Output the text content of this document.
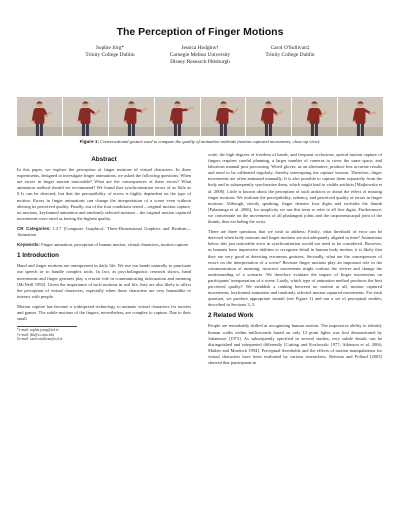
The Perception of Finger Motions
Sophie Jörg*
Trinity College Dublin
Jessica Hodgins†
Carnegie Mellon University
Disney Research Pittsburgh
Carol O'Sullivan‡
Trinity College Dublin
Figure 1: Conversational gesture used to compare the quality of animation methods (motion captured movements, close-up view).
Abstract

In this paper, we explore the perception of finger motions of virtual characters. In three experiments, designed to investigate finger animations, we asked the following questions: When are errors in finger motion noticeable? What are the consequences of these errors? What animation method should we recommend? We found that synchronization errors of as little as 0.1s can be detected, but that the perceptibility of errors is highly dependent on the type of motion. Errors in finger animations can change the interpretation of a scene even without altering its perceived quality. Finally, out of the four conditions tested – original motion capture, no motions, keyframed animation and randomly selected motions – the original motion captured movements were rated as having the highest quality.

CR Categories: I.3.7 [Computer Graphics]: Three-Dimensional Graphics and Realism—Animation

Keywords: Finger animation, perception of human motion, virtual characters, motion capture

1 Introduction

Hand and finger motions are omnipresent in daily life. We use our hands naturally to punctuate our speech or to handle complex tools. In fact, as psycholinguistic research shows, hand movements and finger gestures play a crucial role in communicating information and meaning [McNeill 1992]. Given the importance of such motions in real life, they are also likely to affect the perception of virtual characters, especially when those characters are very humanlike or interact with people.

Motion capture has become a widespread technology to animate virtual characters for movies and games. The subtle motions of the fingers, nevertheless, are complex to capture. Due to their small

*e-mail: sophie.joerg@tcd.ie
†e-mail: jkh@cs.cmu.edu
‡e-mail: carol.osullivan@tcd.ie

scale, the high degrees of freedom of hands, and frequent occlusions, optical motion capture of fingers requires careful planning, a larger number of cameras to cover the same space, and laborious manual post processing. Wired gloves, as an alternative, produce less accurate results and need to be calibrated regularly, thereby interrupting the capture session. Therefore, finger movements are often animated manually. It is also possible to capture them separately from the body and to subsequently synchronize them, which might lead to visible artifacts [Majkowska et al. 2006]. Little is known about the perception of such artifacts or about the effect of missing finger motions. We evaluate the perceptibility, saliency, and perceived quality of errors in finger motions. Although, strictly speaking, finger denotes four digits and excludes the thumb [Palastanga et al. 2006], for simplicity we use this term to refer to all five digits. Furthermore, we concentrate on the movements of all phalangeal joints and the carpometacarpal joint of the thumb, thus excluding the wrist.

There are three questions that we wish to address: Firstly, what threshold of error can be detected when body motions and finger motions are not adequately aligned in time? Animations below this just noticeable error in synchronization would not need to be considered. However, as humans have impressive abilities to recognize detail in human body motion, it is likely that they are very good at detecting erroneous gestures. Secondly, what are the consequences of errors on the interpretation of a scene? Because finger motions play an important role in the communication of meaning, incorrect movements might confuse the viewer and change the understanding of a scenario. We therefore evaluate the impact of finger movements on participants' interpretation of a scene. Lastly, which type of animation method produces the best perceived quality? We establish a ranking between no motion at all, motion captured movements, keyframed animation and randomly selected motion captured movements. For each question, we produce appropriate stimuli (see Figure 1) and run a set of perceptual studies, described in Sections 3–5.

2 Related Work

People are remarkably skilled at recognizing human motion. The impressive ability to identify human walks within milliseconds based on only 12 point lights was first demonstrated by Johansson [1973]. As subsequently specified in several studies, very subtle details can be distinguished and interpreted differently [Cutting and Kozlowski 1977; Atkinson et al. 2004; Mather and Murdoch 1994]. Perceptual thresholds and the effects of motion manipulations for virtual characters have been evaluated by various researchers. Reitsma and Pollard [2003] showed that participants in
